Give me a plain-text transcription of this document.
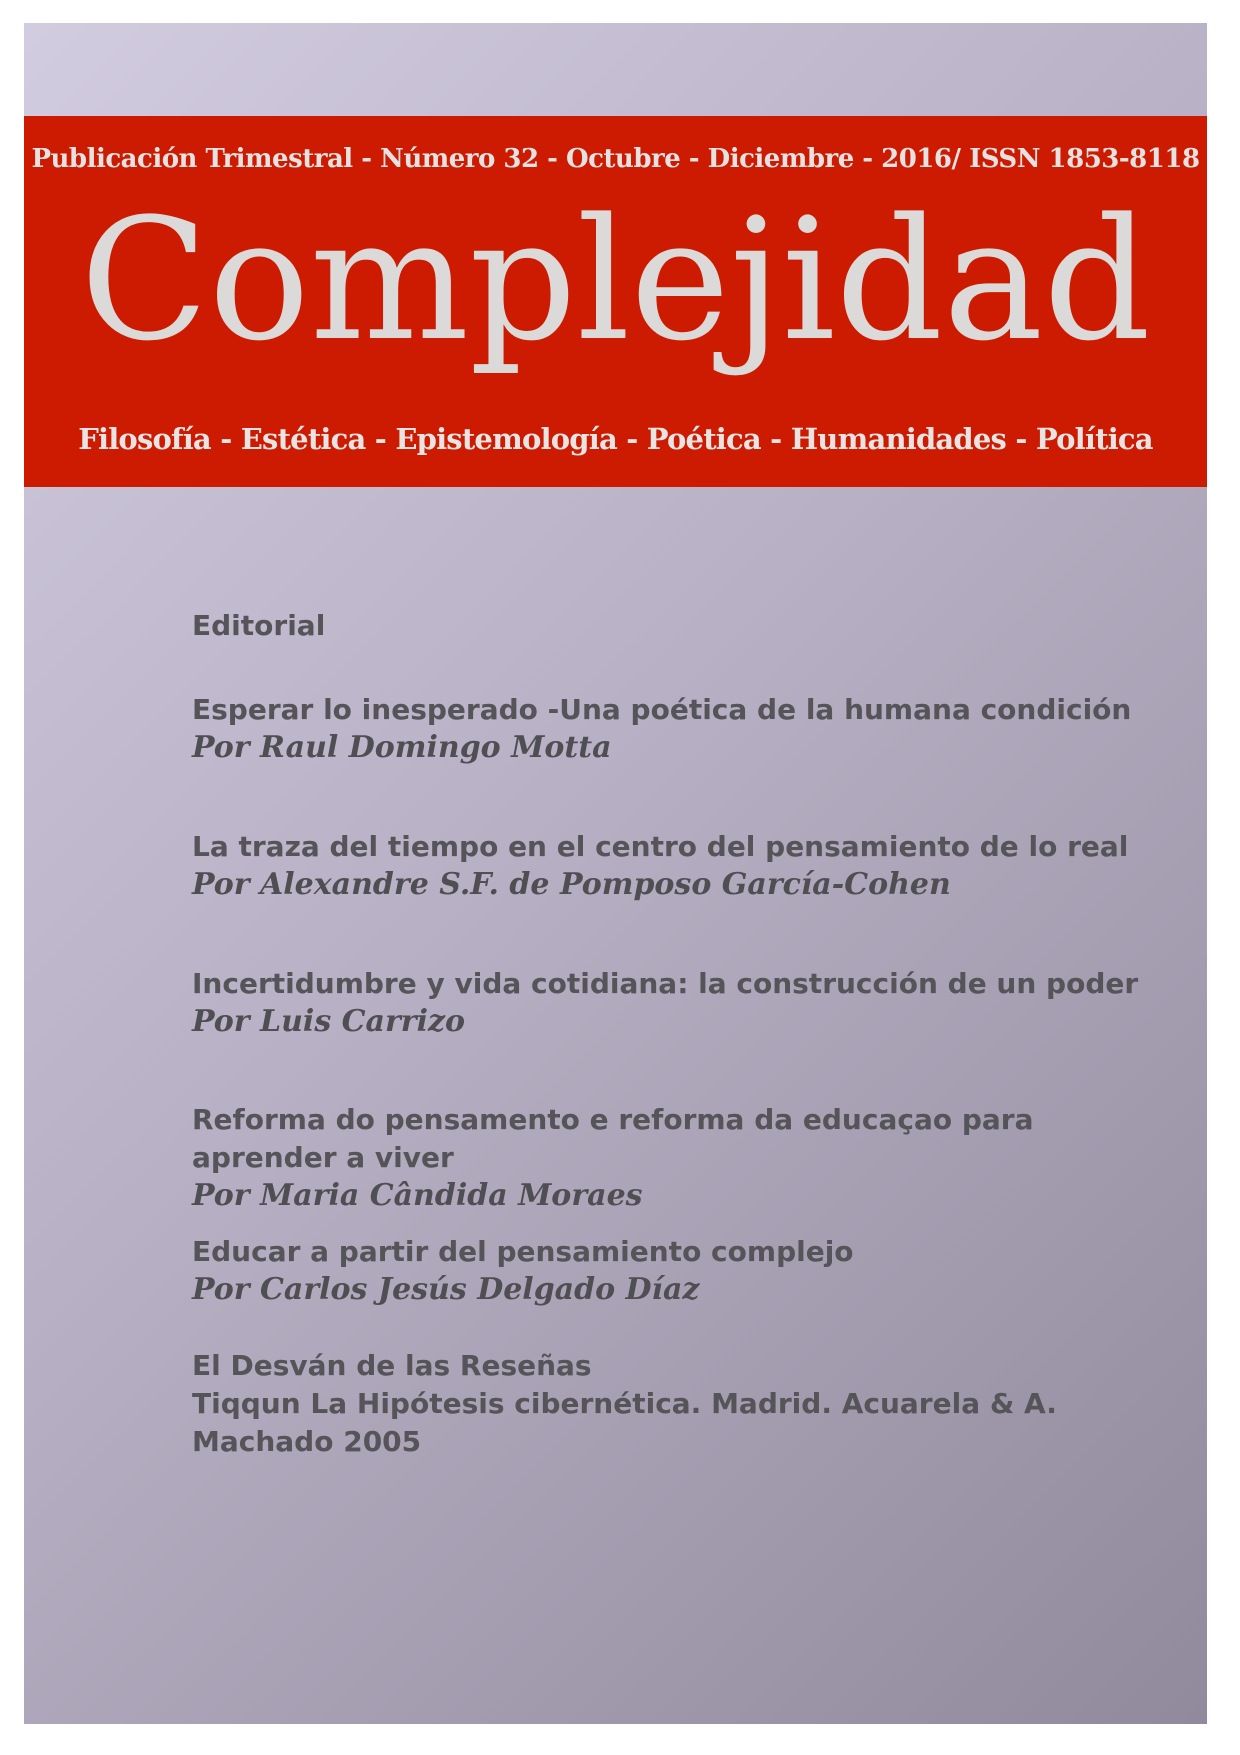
Publicación Trimestral - Número 32 - Octubre - Diciembre - 2016/ ISSN 1853-8118
Complejidad
Filosofía - Estética - Epistemología - Poética - Humanidades - Política

Editorial

Esperar lo inesperado -Una poética de la humana condición

Por Raul Domingo Motta

La traza del tiempo en el centro del pensamiento de lo real

Por Alexandre S.F. de Pomposo García-Cohen

Incertidumbre y vida cotidiana: la construcción de un poder

Por Luis Carrizo

Reforma do pensamento e reforma da educaçao para aprender a viver

Por Maria Cândida Moraes

Educar a partir del pensamiento complejo

Por Carlos Jesús Delgado Díaz

El Desván de las Reseñas

Tiqqun La Hipótesis cibernética. Madrid. Acuarela & A. Machado 2005
